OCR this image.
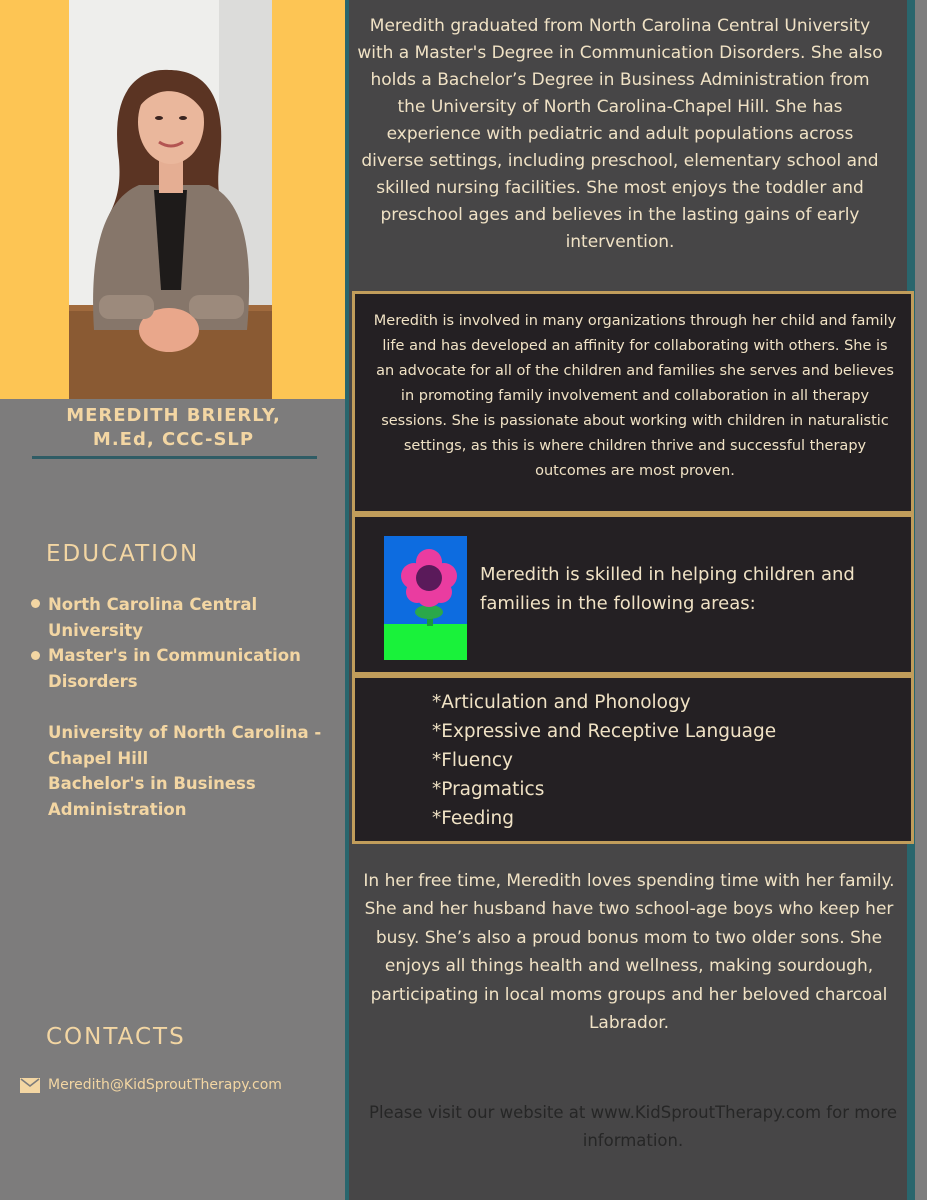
MEREDITH BRIERLY,
M.Ed, CCC-SLP
EDUCATION
North Carolina Central
University
Master's in Communication
Disorders
University of North Carolina -
Chapel Hill
Bachelor's in Business
Administration
CONTACTS
Meredith@KidSproutTherapy.com
Meredith graduated from North Carolina Central University with a Master's Degree in Communication Disorders. She also holds a Bachelor’s Degree in Business Administration from the University of North Carolina-Chapel Hill. She has experience with pediatric and adult populations across diverse settings, including preschool, elementary school and skilled nursing facilities. She most enjoys the toddler and preschool ages and believes in the lasting gains of early intervention.
Meredith is involved in many organizations through her child and family life and has developed an affinity for collaborating with others. She is an advocate for all of the children and families she serves and believes in promoting family involvement and collaboration in all therapy sessions. She is passionate about working with children in naturalistic settings, as this is where children thrive and successful therapy outcomes are most proven.
Meredith is skilled in helping children and families in the following areas:
*Articulation and Phonology
*Expressive and Receptive Language
*Fluency
*Pragmatics
*Feeding
In her free time, Meredith loves spending time with her family. She and her husband have two school-age boys who keep her busy. She’s also a proud bonus mom to two older sons. She enjoys all things health and wellness, making sourdough, participating in local moms groups and her beloved charcoal Labrador.
Please visit our website at www.KidSproutTherapy.com for more information.
